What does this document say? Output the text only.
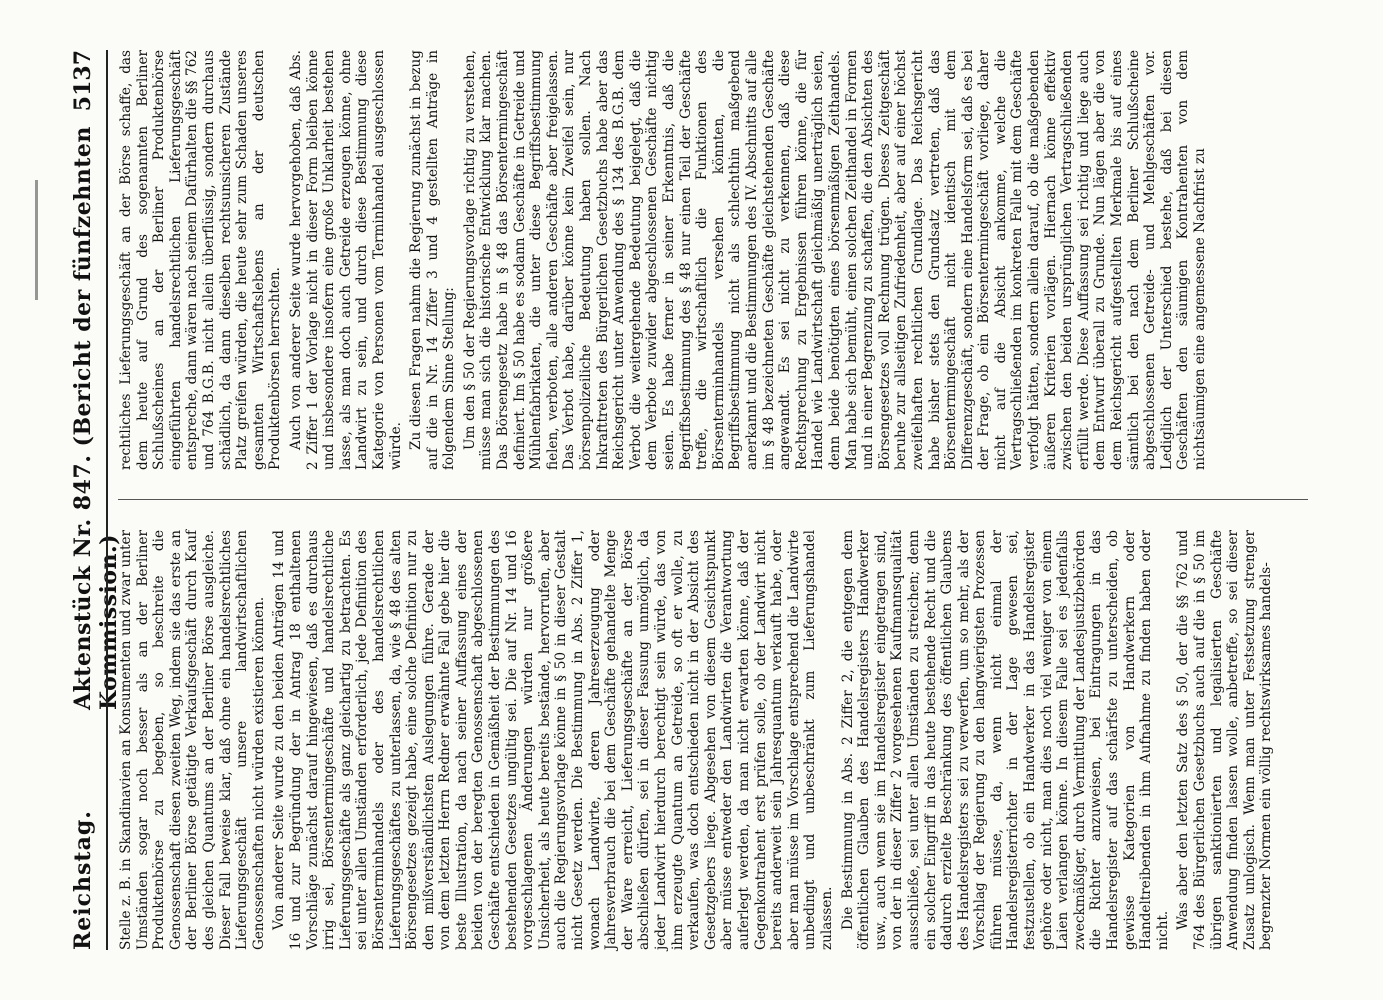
Reichstag.
Aktenstück Nr. 847. (Bericht der fünfzehnten Kommission.)
5137

Stelle z. B. in Skandinavien an Konsumenten und zwar unter Umständen sogar noch besser als an der Berliner Produktenbörse zu begeben, so beschreite die Genossenschaft diesen zweiten Weg, indem sie das erste an der Berliner Börse getätigte Verkaufsgeschäft durch Kauf des gleichen Quantums an der Berliner Börse ausgleiche. Dieser Fall beweise klar, daß ohne ein handelsrechtliches Lieferungsgeschäft unsere landwirtschaftlichen Genossenschaften nicht würden existieren können. Von anderer Seite wurde zu den beiden Anträgen 14 und 16 und zur Begründung der in Antrag 18 enthaltenen Vorschläge zunächst darauf hingewiesen, daß es durchaus irrig sei, Börsentermingeschäfte und handelsrechtliche Lieferungsgeschäfte als ganz gleichartig zu betrachten. Es sei unter allen Umständen erforderlich, jede Definition des Börsenterminhandels oder des handelsrechtlichen Lieferungsgeschäftes zu unterlassen, da, wie § 48 des alten Börsengesetzes gezeigt habe, eine solche Definition nur zu den mißverständlichsten Auslegungen führe. Gerade der von dem letzten Herrn Redner erwähnte Fall gebe hier die beste Illustration, da nach seiner Auffassung eines der beiden von der beregten Genossenschaft abgeschlossenen Geschäfte entschieden in Gemäßheit der Bestimmungen des bestehenden Gesetzes ungültig sei. Die auf Nr. 14 und 16 vorgeschlagenen Änderungen würden nur größere Unsicherheit, als heute bereits bestände, hervorrufen, aber auch die Regierungsvorlage könne in § 50 in dieser Gestalt nicht Gesetz werden. Die Bestimmung in Abs. 2 Ziffer 1, wonach Landwirte, deren Jahreserzeugung oder Jahresverbrauch die bei dem Geschäfte gehandelte Menge der Ware erreicht, Lieferungsgeschäfte an der Börse abschließen dürfen, sei in dieser Fassung unmöglich, da jeder Landwirt hierdurch berechtigt sein würde, das von ihm erzeugte Quantum an Getreide, so oft er wolle, zu verkaufen, was doch entschieden nicht in der Absicht des Gesetzgebers liege. Abgesehen von diesem Gesichtspunkt aber müsse entweder den Landwirten die Verantwortung auferlegt werden, da man nicht erwarten könne, daß der Gegenkontrahent erst prüfen solle, ob der Landwirt nicht bereits anderweit sein Jahresquantum verkauft habe, oder aber man müsse im Vorschlage entsprechend die Landwirte unbedingt und unbeschränkt zum Lieferungshandel zulassen. Die Bestimmung in Abs. 2 Ziffer 2, die entgegen dem öffentlichen Glauben des Handelsregisters Handwerker usw., auch wenn sie im Handelsregister eingetragen sind, von der in dieser Ziffer 2 vorgesehenen Kaufmannsqualität ausschließe, sei unter allen Umständen zu streichen; denn ein solcher Eingriff in das heute bestehende Recht und die dadurch erzielte Beschränkung des öffentlichen Glaubens des Handelsregisters sei zu verwerfen, um so mehr, als der Vorschlag der Regierung zu den langwierigsten Prozessen führen müsse, da, wenn nicht einmal der Handelsregisterrichter in der Lage gewesen sei, festzustellen, ob ein Handwerker in das Handelsregister gehöre oder nicht, man dies noch viel weniger von einem Laien verlangen könne. In diesem Falle sei es jedenfalls zweckmäßiger, durch Vermittlung der Landesjustizbehörden die Richter anzuweisen, bei Eintragungen in das Handelsregister auf das schärfste zu unterscheiden, ob gewisse Kategorien von Handwerkern oder Handeltreibenden in ihm Aufnahme zu finden haben oder nicht.

Was aber den letzten Satz des § 50, der die §§ 762 und 764 des Bürgerlichen Gesetzbuchs auch auf die in § 50 im übrigen sanktionierten und legalisierten Geschäfte Anwendung finden lassen wolle, anbetreffe, so sei dieser Zusatz unlogisch. Wenn man unter Festsetzung strenger begrenzter Normen ein völlig rechtswirksames handels-

rechtliches Lieferungsgeschäft an der Börse schaffe, das dem heute auf Grund des sogenannten Berliner Schlußscheines an der Berliner Produktenbörse eingeführten handelsrechtlichen Lieferungsgeschäft entspreche, dann wären nach seinem Dafürhalten die §§ 762 und 764 B.G.B. nicht allein überflüssig, sondern durchaus schädlich, da dann dieselben rechtsunsicheren Zustände Platz greifen würden, die heute sehr zum Schaden unseres gesamten Wirtschaftslebens an der deutschen Produktenbörsen herrschten. Auch von anderer Seite wurde hervorgehoben, daß Abs. 2 Ziffer 1 der Vorlage nicht in dieser Form bleiben könne und insbesondere insofern eine große Unklarheit bestehen lasse, als man doch auch Getreide erzeugen könne, ohne Landwirt zu sein, und durch diese Bestimmung diese Kategorie von Personen vom Terminhandel ausgeschlossen würde. Zu diesen Fragen nahm die Regierung zunächst in bezug auf die in Nr. 14 Ziffer 3 und 4 gestellten Anträge in folgendem Sinne Stellung: Um den § 50 der Regierungsvorlage richtig zu verstehen, müsse man sich die historische Entwicklung klar machen. Das Börsengesetz habe in § 48 das Börsentermingeschäft definiert. Im § 50 habe es sodann Geschäfte in Getreide und Mühlenfabrikaten, die unter diese Begriffsbestimmung fielen, verboten, alle anderen Geschäfte aber freigelassen. Das Verbot habe, darüber könne kein Zweifel sein, nur börsenpolizeiliche Bedeutung haben sollen. Nach Inkrafttreten des Bürgerlichen Gesetzbuchs habe aber das Reichsgericht unter Anwendung des § 134 des B.G.B. dem Verbot die weitergehende Bedeutung beigelegt, daß die dem Verbote zuwider abgeschlossenen Geschäfte nichtig seien. Es habe ferner in seiner Erkenntnis, daß die Begriffsbestimmung des § 48 nur einen Teil der Geschäfte treffe, die wirtschaftlich die Funktionen des Börsenterminhandels versehen könnten, die Begriffsbestimmung nicht als schlechthin maßgebend anerkannt und die Bestimmungen des IV. Abschnitts auf alle im § 48 bezeichneten Geschäfte gleichstehenden Geschäfte angewandt. Es sei nicht zu verkennen, daß diese Rechtsprechung zu Ergebnissen führen könne, die für Handel wie Landwirtschaft gleichmäßig unerträglich seien, denn beide benötigten eines börsenmäßigen Zeithandels. Man habe sich bemüht, einen solchen Zeithandel in Formen und in einer Begrenzung zu schaffen, die den Absichten des Börsengesetzes voll Rechnung trügen. Dieses Zeitgeschäft beruhe zur allseitigen Zufriedenheit, aber auf einer höchst zweifelhaften rechtlichen Grundlage. Das Reichsgericht habe bisher stets den Grundsatz vertreten, daß das Börsentermingeschäft nicht identisch mit dem Differenzgeschäft, sondern eine Handelsform sei, daß es bei der Frage, ob ein Börsentermingeschäft vorliege, daher nicht auf die Absicht ankomme, welche die Vertragschließenden im konkreten Falle mit dem Geschäfte verfolgt hätten, sondern allein darauf, ob die maßgebenden äußeren Kriterien vorlägen. Hiernach könne effektiv zwischen den beiden ursprünglichen Vertragschließenden erfüllt werde. Diese Auffassung sei richtig und liege auch dem Entwurf überall zu Grunde. Nun lägen aber die von dem Reichsgericht aufgestellten Merkmale bis auf eines sämtlich bei den nach dem Berliner Schlußscheine abgeschlossenen Getreide- und Mehlgeschäften vor. Lediglich der Unterschied bestehe, daß bei diesen Geschäften den säumigen Kontrahenten von dem nichtsäumigen eine angemessene Nachfrist zu
